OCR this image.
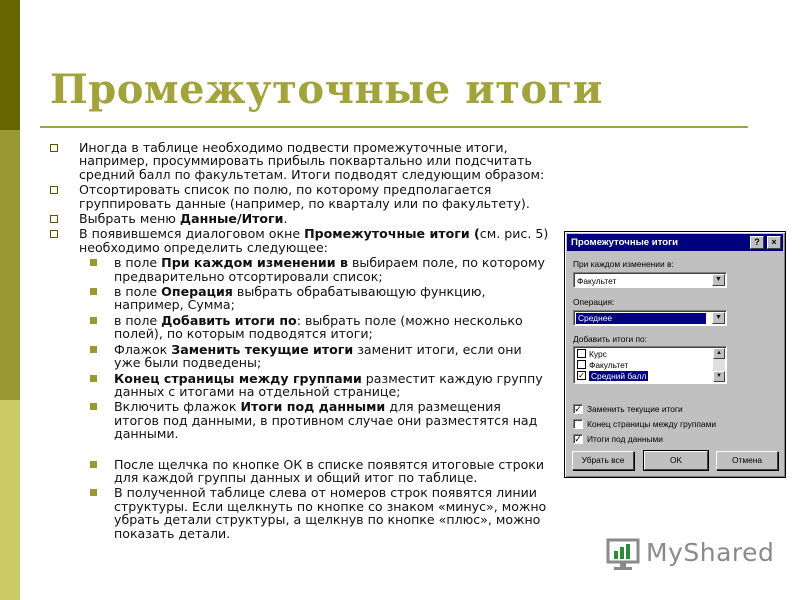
Промежуточные итоги
Иногда в таблице необходимо подвести промежуточные итоги, например, просуммировать прибыль поквартально или подсчитать средний балл по факультетам. Итоги подводят следующим образом:
Отсортировать список по полю, по которому предполагается группировать данные (например, по кварталу или по факультету).
Выбрать меню Данные/Итоги.
В появившемся диалоговом окне Промежуточные итоги (см. рис. 5) необходимо определить следующее:
в поле При каждом изменении в выбираем поле, по которому предварительно отсортировали список;
в поле Операция выбрать обрабатывающую функцию, например, Сумма;
в поле Добавить итоги по: выбрать поле (можно несколько полей), по которым подводятся итоги;
Флажок Заменить текущие итоги заменит итоги, если они уже были подведены;
Конец страницы между группами разместит каждую группу данных с итогами на отдельной странице;
Включить флажок Итоги под данными для размещения итогов под данными, в противном случае они разместятся над данными.
После щелчка по кнопке ОК в списке появятся итоговые строки для каждой группы данных и общий итог по таблице.
В полученной таблице слева от номеров строк появятся линии структуры. Если щелкнуть по кнопке со знаком «минус», можно убрать детали структуры, а щелкнув по кнопке «плюс», можно показать детали.
Промежуточные итоги	?	×
При каждом изменении в:
Факультет	▼
Операция:
Среднее	▼
Добавить итоги по:
Курс
Факультет
✓ Средний балл
▲
▼
✓ Заменить текущие итоги
Конец страницы между группами
✓ Итоги под данными
Убрать все	OK	Отмена
MyShared
